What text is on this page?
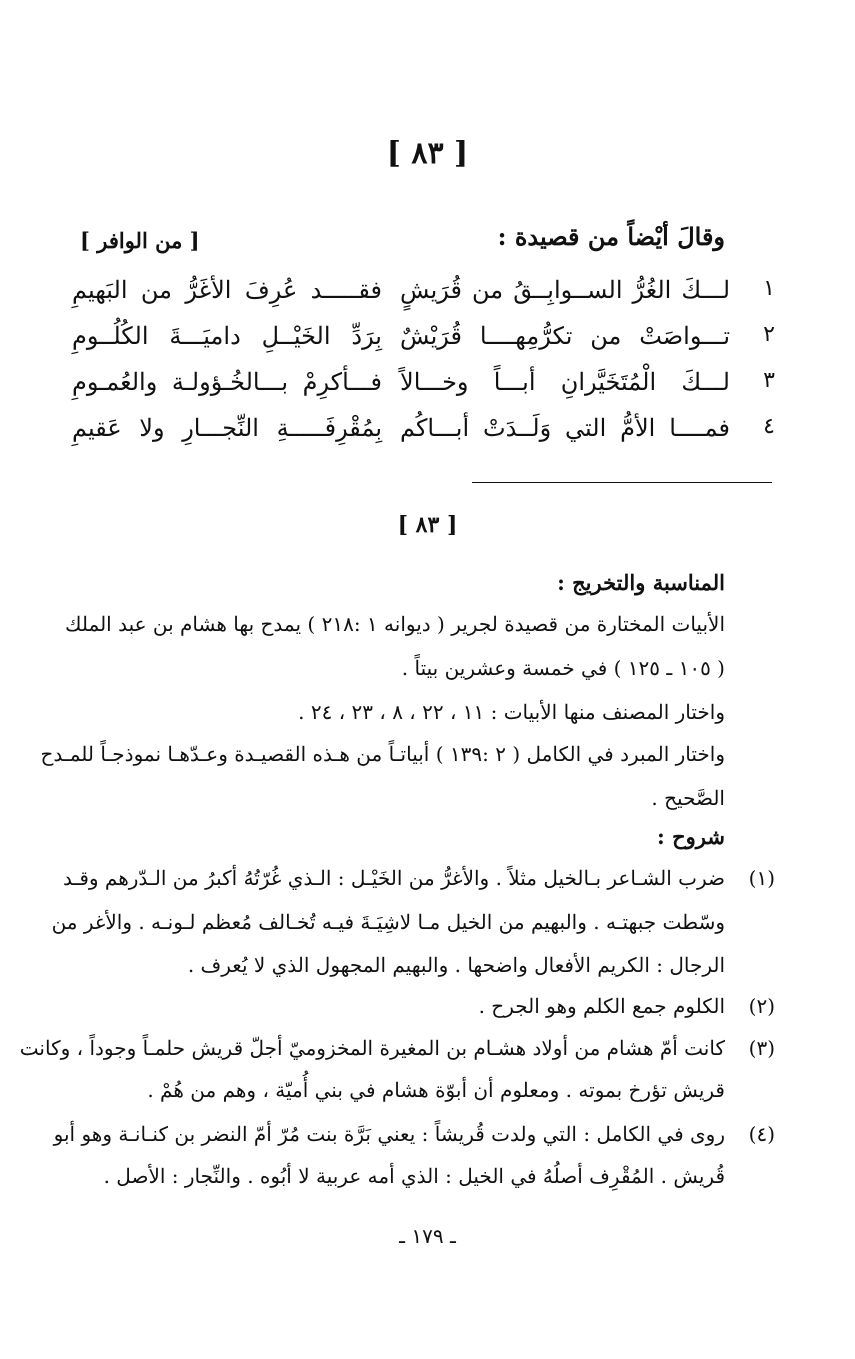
[ ٨٣ ]
وقالَ أيْضاً من قصيدة :
[ من الوافر ]
١
لـــكَ الغُرُّ الســوابِــقُ من قُرَيشٍ
فقـــــد عُرِفَ الأغَرُّ من البَهيمِ
٢
تـــواصَتْ من تكرُّمِهــــا قُرَيْشٌ
بِرَدِّ الخَيْــلِ داميَـــةَ الكُلُــومِ
٣
لـــكَ الْمُتَخَيَّرانِ أبـــاً وخـــالاً
فـــأكرِمْ بـــالخُـؤولـة والعُمـومِ
٤
فمــــا الأمُّ التي وَلَــدَتْ أبـــاكُم
بِمُقْرِفَـــــةِ النِّجـــارِ ولا عَقيمِ
[ ٨٣ ]
المناسبة والتخريج :
الأبيات المختارة من قصيدة لجرير ( ديوانه ١ :٢١٨ ) يمدح بها هشام بن عبد الملك
( ١٠٥ ـ ١٢٥ ) في خمسة وعشرين بيتاً .
واختار المصنف منها الأبيات : ١١ ، ٢٢ ، ٨ ، ٢٣ ، ٢٤ .
واختار المبرد في الكامل ( ٢ :١٣٩ ) أبياتـاً من هـذه القصيـدة وعـدّهـا نموذجـاً للمـدح
الصَّحيح .
شروح :
(١)
ضرب الشـاعر بـالخيل مثلاً . والأغرُّ من الخَيْـل : الـذي غُرّتُهُ أكبرُ من الـدّرهم وقـد
وسّطت جبهتـه . والبهيم من الخيل مـا لاشِيَـةَ فيـه تُخـالف مُعظم لـونـه . والأغر من
الرجال : الكريم الأفعال واضحها . والبهيم المجهول الذي لا يُعرف .
(٢)
الكلوم جمع الكلم وهو الجرح .
(٣)
كانت أمّ هشام من أولاد هشـام بن المغيرة المخزوميّ أجلّ قريش حلمـاً وجوداً ، وكانت
قريش تؤرخ بموته . ومعلوم أن أبوّة هشام في بني أُميّة ، وهم من هُمْ .
(٤)
روى في الكامل : التي ولدت قُريشاً : يعني بَرَّة بنت مُرّ أمّ النضر بن كنـانـة وهو أبو
قُريش . المُقْرِف أصلُهُ في الخيل : الذي أمه عربية لا أبُوه . والنِّجار : الأصل .
ـ ١٧٩ ـ
